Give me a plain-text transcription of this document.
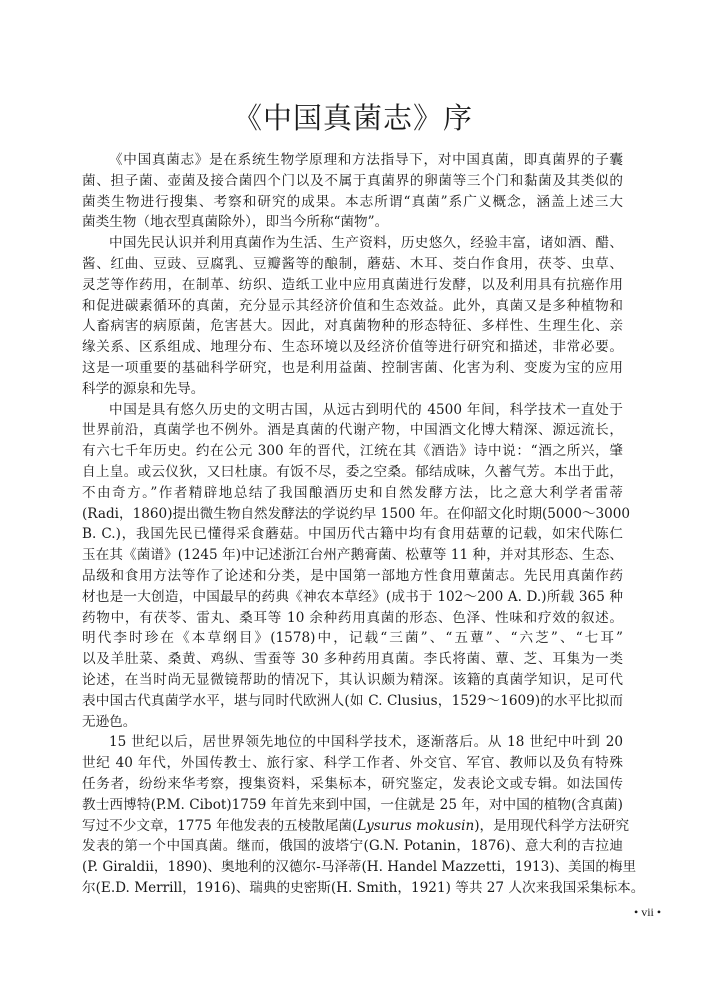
《中国真菌志》序
《中国真菌志》是在系统生物学原理和方法指导下，对中国真菌，即真菌界的子囊
菌、担子菌、壶菌及接合菌四个门以及不属于真菌界的卵菌等三个门和黏菌及其类似的
菌类生物进行搜集、考察和研究的成果。本志所谓“真菌”系广义概念，涵盖上述三大
菌类生物（地衣型真菌除外），即当今所称“菌物”。
中国先民认识并利用真菌作为生活、生产资料，历史悠久，经验丰富，诸如酒、醋、
酱、红曲、豆豉、豆腐乳、豆瓣酱等的酿制，蘑菇、木耳、茭白作食用，茯苓、虫草、
灵芝等作药用，在制革、纺织、造纸工业中应用真菌进行发酵，以及利用具有抗癌作用
和促进碳素循环的真菌，充分显示其经济价值和生态效益。此外，真菌又是多种植物和
人畜病害的病原菌，危害甚大。因此，对真菌物种的形态特征、多样性、生理生化、亲
缘关系、区系组成、地理分布、生态环境以及经济价值等进行研究和描述，非常必要。
这是一项重要的基础科学研究，也是利用益菌、控制害菌、化害为利、变废为宝的应用
科学的源泉和先导。
中国是具有悠久历史的文明古国，从远古到明代的 4500 年间，科学技术一直处于
世界前沿，真菌学也不例外。酒是真菌的代谢产物，中国酒文化博大精深、源远流长，
有六七千年历史。约在公元 300 年的晋代，江统在其《酒诰》诗中说：“酒之所兴，肇
自上皇。或云仪狄，又曰杜康。有饭不尽，委之空桑。郁结成味，久蓄气芳。本出于此，
不由奇方。”作者精辟地总结了我国酿酒历史和自然发酵方法，比之意大利学者雷蒂
(Radi，1860)提出微生物自然发酵法的学说约早 1500 年。在仰韶文化时期(5000～3000
B. C.)，我国先民已懂得采食蘑菇。中国历代古籍中均有食用菇蕈的记载，如宋代陈仁
玉在其《菌谱》(1245 年)中记述浙江台州产鹅膏菌、松蕈等 11 种，并对其形态、生态、
品级和食用方法等作了论述和分类，是中国第一部地方性食用蕈菌志。先民用真菌作药
材也是一大创造，中国最早的药典《神农本草经》(成书于 102～200 A. D.)所载 365 种
药物中，有茯苓、雷丸、桑耳等 10 余种药用真菌的形态、色泽、性味和疗效的叙述。
明代李时珍在《本草纲目》(1578)中，记载“三菌”、“五蕈”、“六芝”、“七耳”
以及羊肚菜、桑黄、鸡纵、雪蚕等 30 多种药用真菌。李氏将菌、蕈、芝、耳集为一类
论述，在当时尚无显微镜帮助的情况下，其认识颇为精深。该籍的真菌学知识，足可代
表中国古代真菌学水平，堪与同时代欧洲人(如 C. Clusius，1529～1609)的水平比拟而
无逊色。
15 世纪以后，居世界领先地位的中国科学技术，逐渐落后。从 18 世纪中叶到 20
世纪 40 年代，外国传教士、旅行家、科学工作者、外交官、军官、教师以及负有特殊
任务者，纷纷来华考察，搜集资料，采集标本，研究鉴定，发表论文或专辑。如法国传
教士西博特(P.M. Cibot)1759 年首先来到中国，一住就是 25 年，对中国的植物(含真菌)
写过不少文章，1775 年他发表的五棱散尾菌(Lysurus mokusin)，是用现代科学方法研究
发表的第一个中国真菌。继而，俄国的波塔宁(G.N. Potanin，1876)、意大利的吉拉迪
(P. Giraldii，1890)、奥地利的汉德尔-马泽蒂(H. Handel Mazzetti，1913)、美国的梅里
尔(E.D. Merrill，1916)、瑞典的史密斯(H. Smith，1921) 等共 27 人次来我国采集标本。
• vii •
